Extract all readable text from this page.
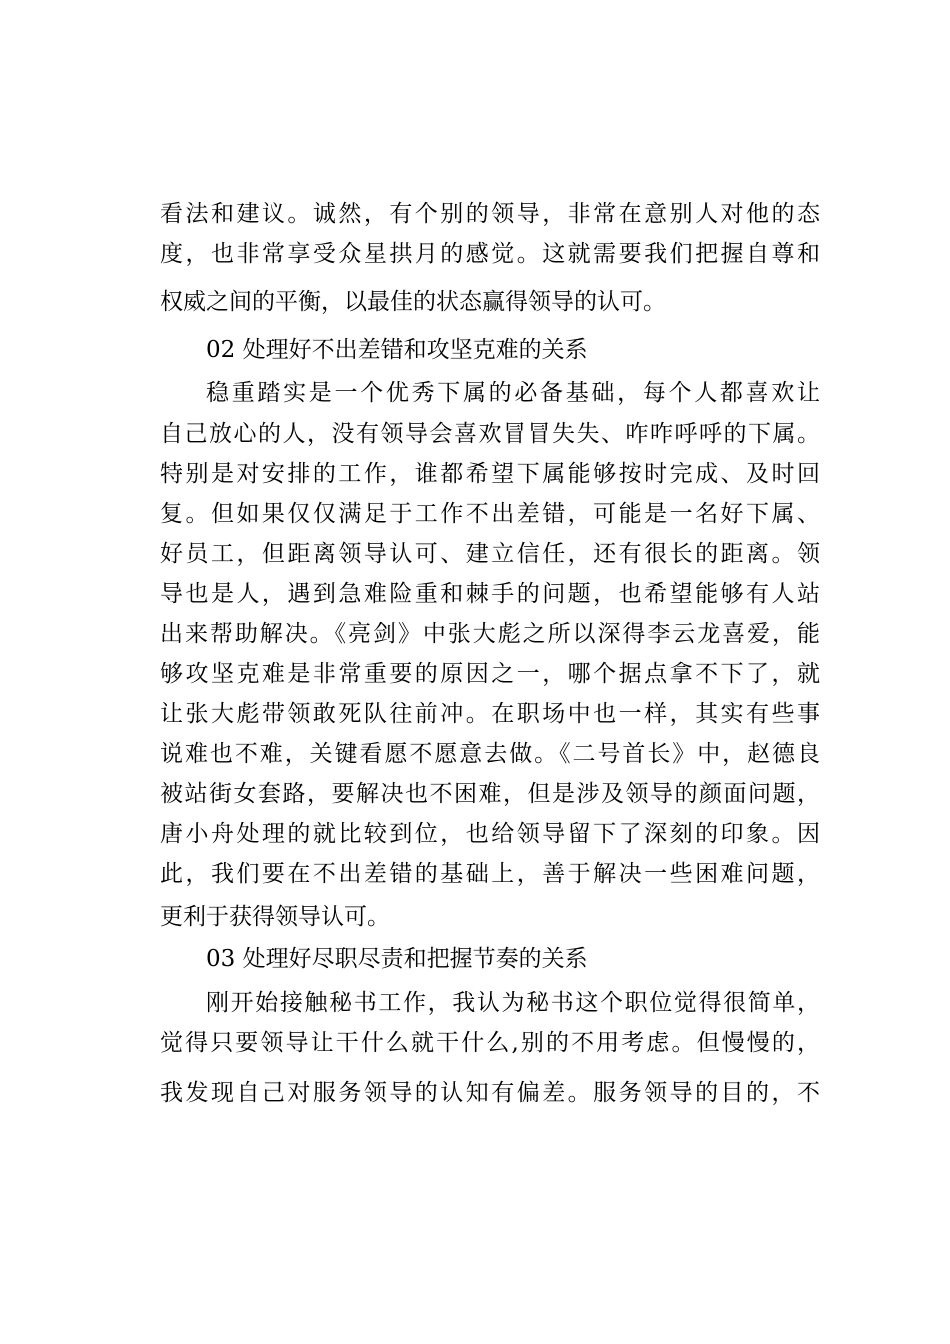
看法和建议。诚然，有个别的领导，非常在意别人对他的态
度，也非常享受众星拱月的感觉。这就需要我们把握自尊和
权威之间的平衡，以最佳的状态赢得领导的认可。
02 处理好不出差错和攻坚克难的关系
稳重踏实是一个优秀下属的必备基础，每个人都喜欢让
自己放心的人，没有领导会喜欢冒冒失失、咋咋呼呼的下属。
特别是对安排的工作，谁都希望下属能够按时完成、及时回
复。但如果仅仅满足于工作不出差错，可能是一名好下属、
好员工，但距离领导认可、建立信任，还有很长的距离。领
导也是人，遇到急难险重和棘手的问题，也希望能够有人站
出来帮助解决。《亮剑》中张大彪之所以深得李云龙喜爱，能
够攻坚克难是非常重要的原因之一，哪个据点拿不下了，就
让张大彪带领敢死队往前冲。在职场中也一样，其实有些事
说难也不难，关键看愿不愿意去做。《二号首长》中，赵德良
被站街女套路，要解决也不困难，但是涉及领导的颜面问题，
唐小舟处理的就比较到位，也给领导留下了深刻的印象。因
此，我们要在不出差错的基础上，善于解决一些困难问题，
更利于获得领导认可。
03 处理好尽职尽责和把握节奏的关系
刚开始接触秘书工作，我认为秘书这个职位觉得很简单，
觉得只要领导让干什么就干什么,别的不用考虑。但慢慢的，
我发现自己对服务领导的认知有偏差。服务领导的目的，不
